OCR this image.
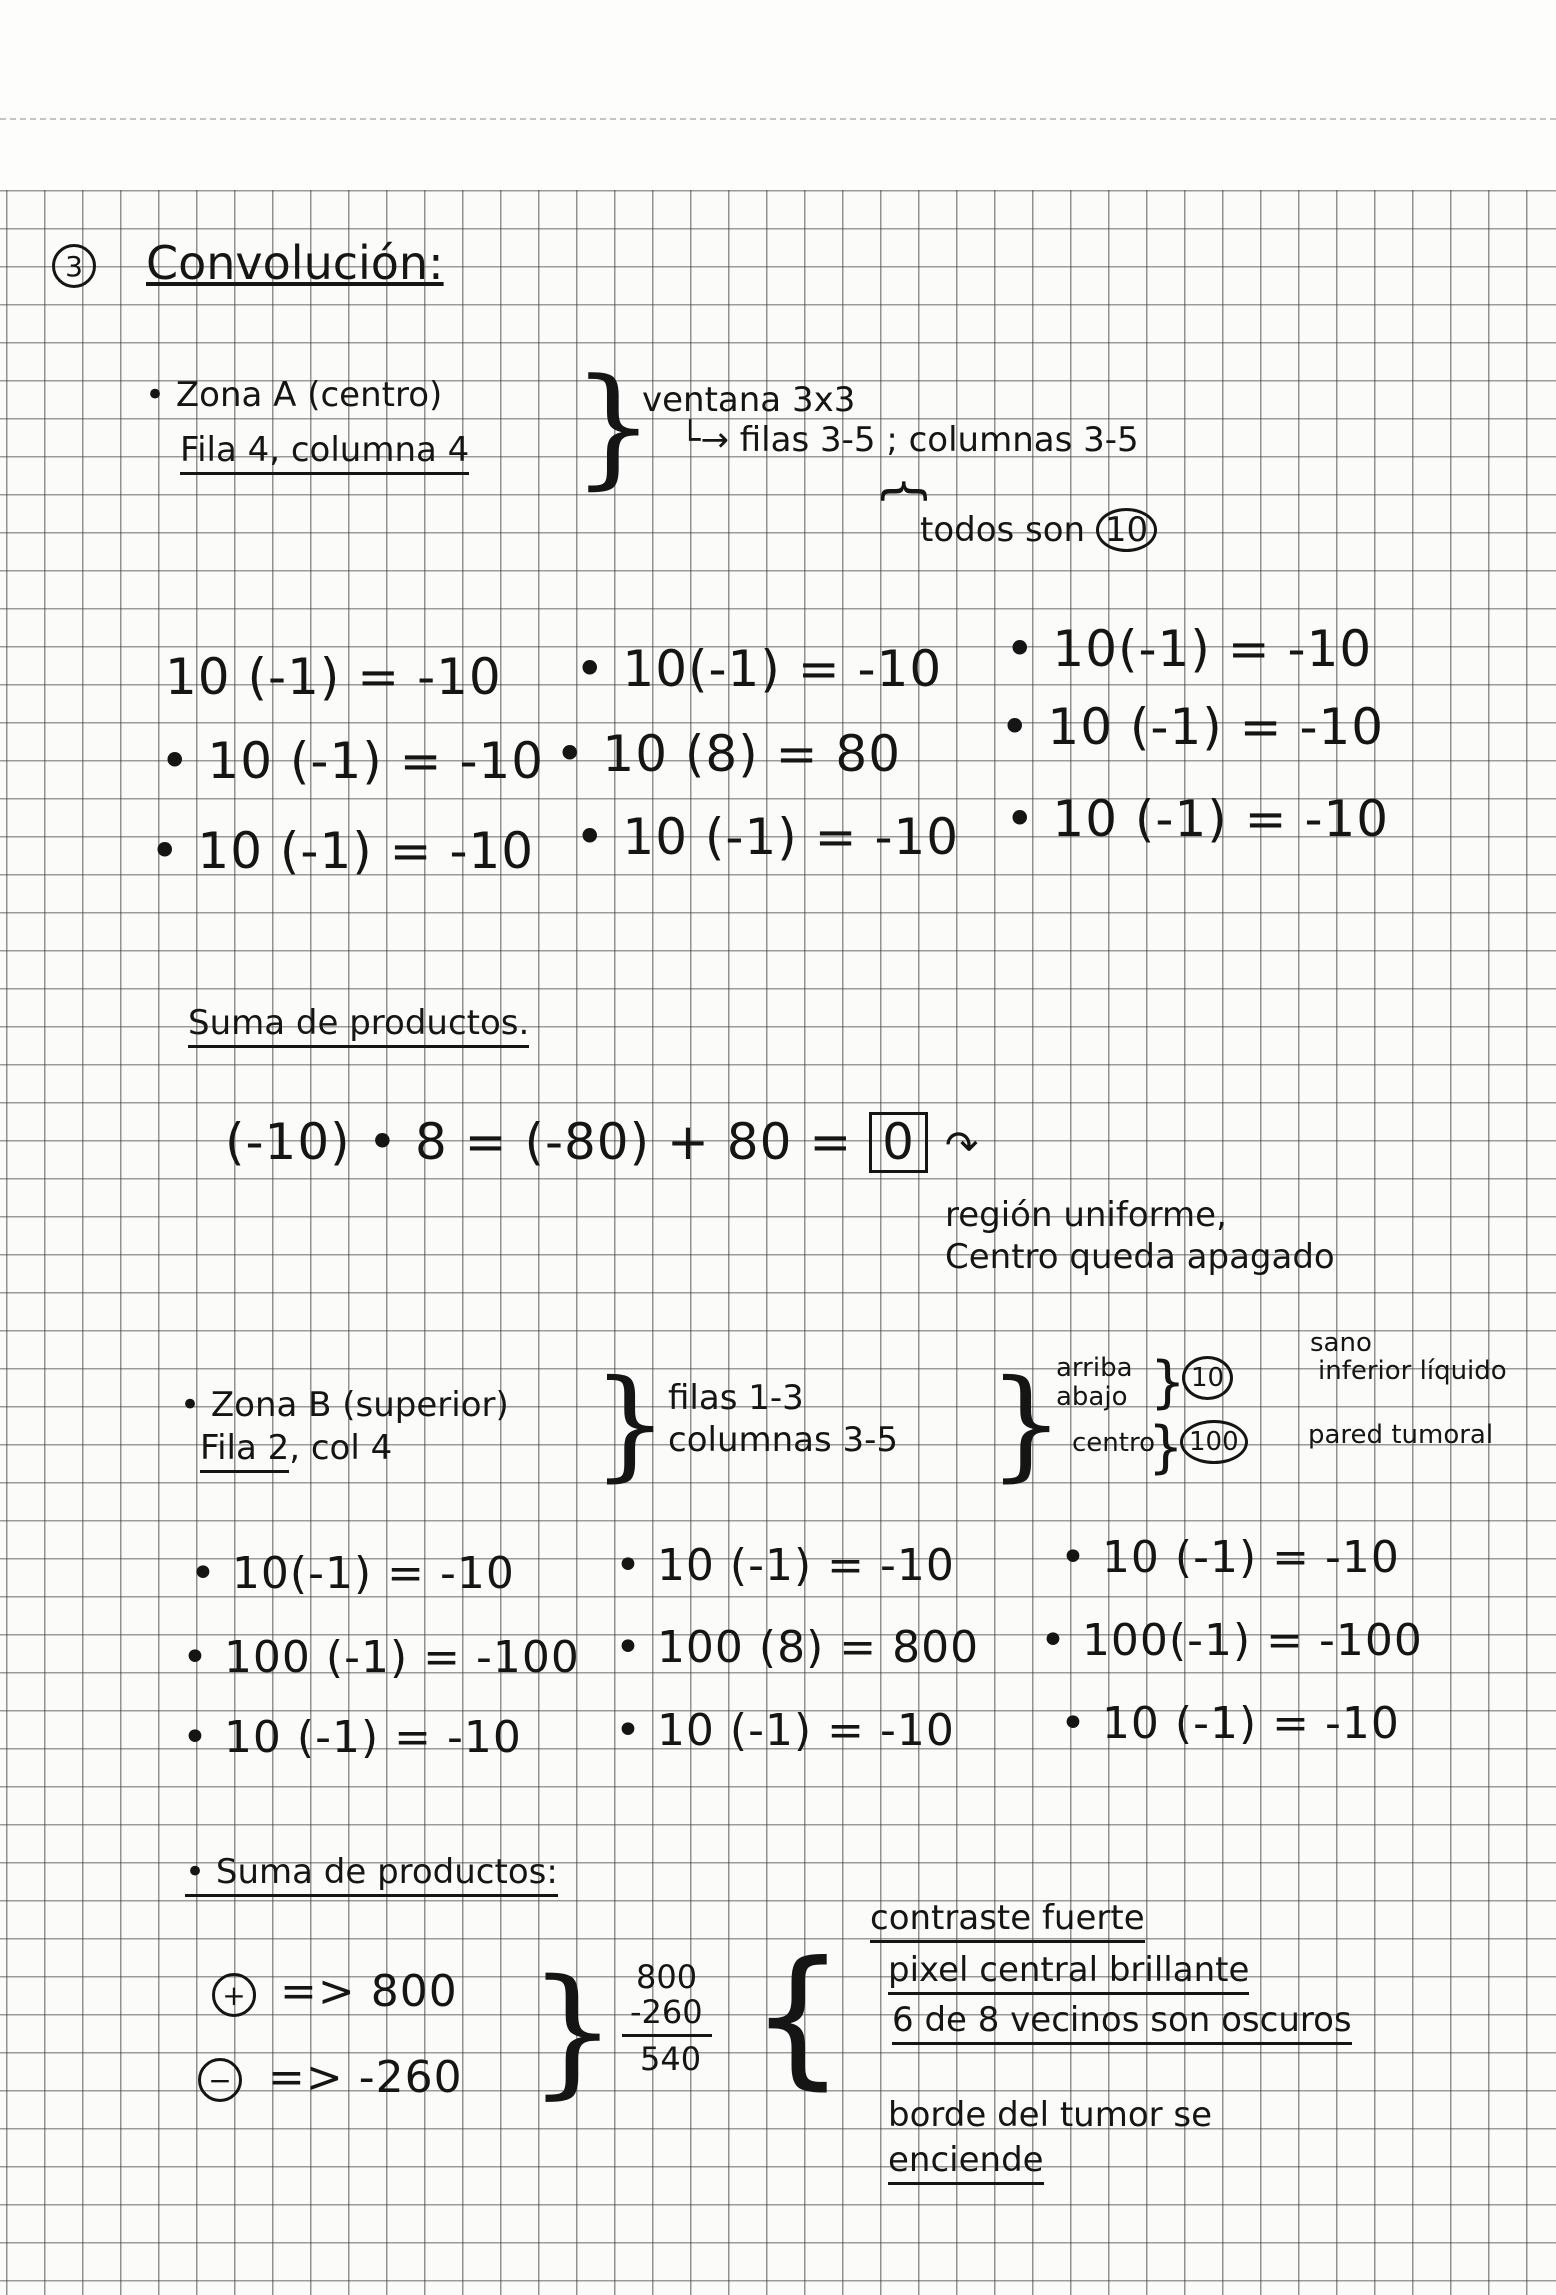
3 Convolución:
• Zona A (centro)
Fila 4, columna 4 }
ventana 3x3
└→ filas 3-5 ; columnas 3-5
{
todos son 10
10 (-1) = -10 • 10(-1) = -10 • 10(-1) = -10
• 10 (-1) = -10 • 10 (8) = 80 • 10 (-1) = -10
• 10 (-1) = -10 • 10 (-1) = -10 • 10 (-1) = -10
Suma de productos.
(-10) • 8 = (-80) + 80 = 0 ↷
región uniforme,
Centro queda apagado
• Zona B (superior)
Fila 2, col 4 } filas 1-3
columnas 3-5 }
arriba
abajo } 10
sano
inferior líquido
centro
} 100	pared tumoral
• 10(-1) = -10 • 10 (-1) = -10 • 10 (-1) = -10
• 100 (-1) = -100 • 100 (8) = 800 • 100(-1) = -100
• 10 (-1) = -10 • 10 (-1) = -10 • 10 (-1) = -10
• Suma de productos:
+ => 800
− => -260 } 800
-260
540 {
contraste fuerte
pixel central brillante
6 de 8 vecinos son oscuros
borde del tumor se
enciende
